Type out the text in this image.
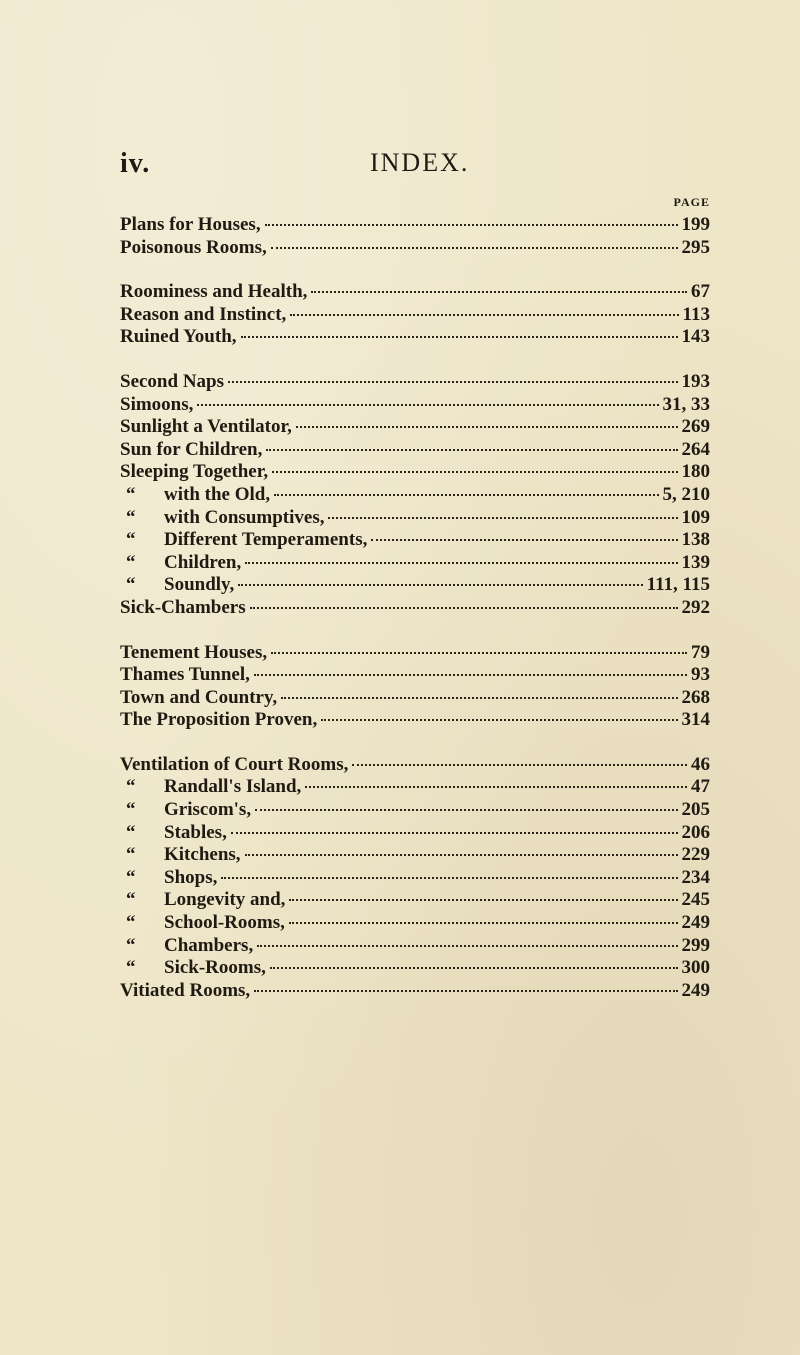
iv.	INDEX.
PAGE
Plans for Houses,	199
Poisonous Rooms,	295
Roominess and Health,	67
Reason and Instinct,	113
Ruined Youth,	143
Second Naps	193
Simoons,	31, 33
Sunlight a Ventilator,	269
Sun for Children,	264
Sleeping Together,	180
“	with the Old,	5, 210
“	with Consumptives,	109
“	Different Temperaments,	138
“	Children,	139
“	Soundly,	111, 115
Sick-Chambers	292
Tenement Houses,	79
Thames Tunnel,	93
Town and Country,	268
The Proposition Proven,	314
Ventilation of Court Rooms,	46
“	Randall's Island,	47
“	Griscom's,	205
“	Stables,	206
“	Kitchens,	229
“	Shops,	234
“	Longevity and,	245
“	School-Rooms,	249
“	Chambers,	299
“	Sick-Rooms,	300
Vitiated Rooms,	249
